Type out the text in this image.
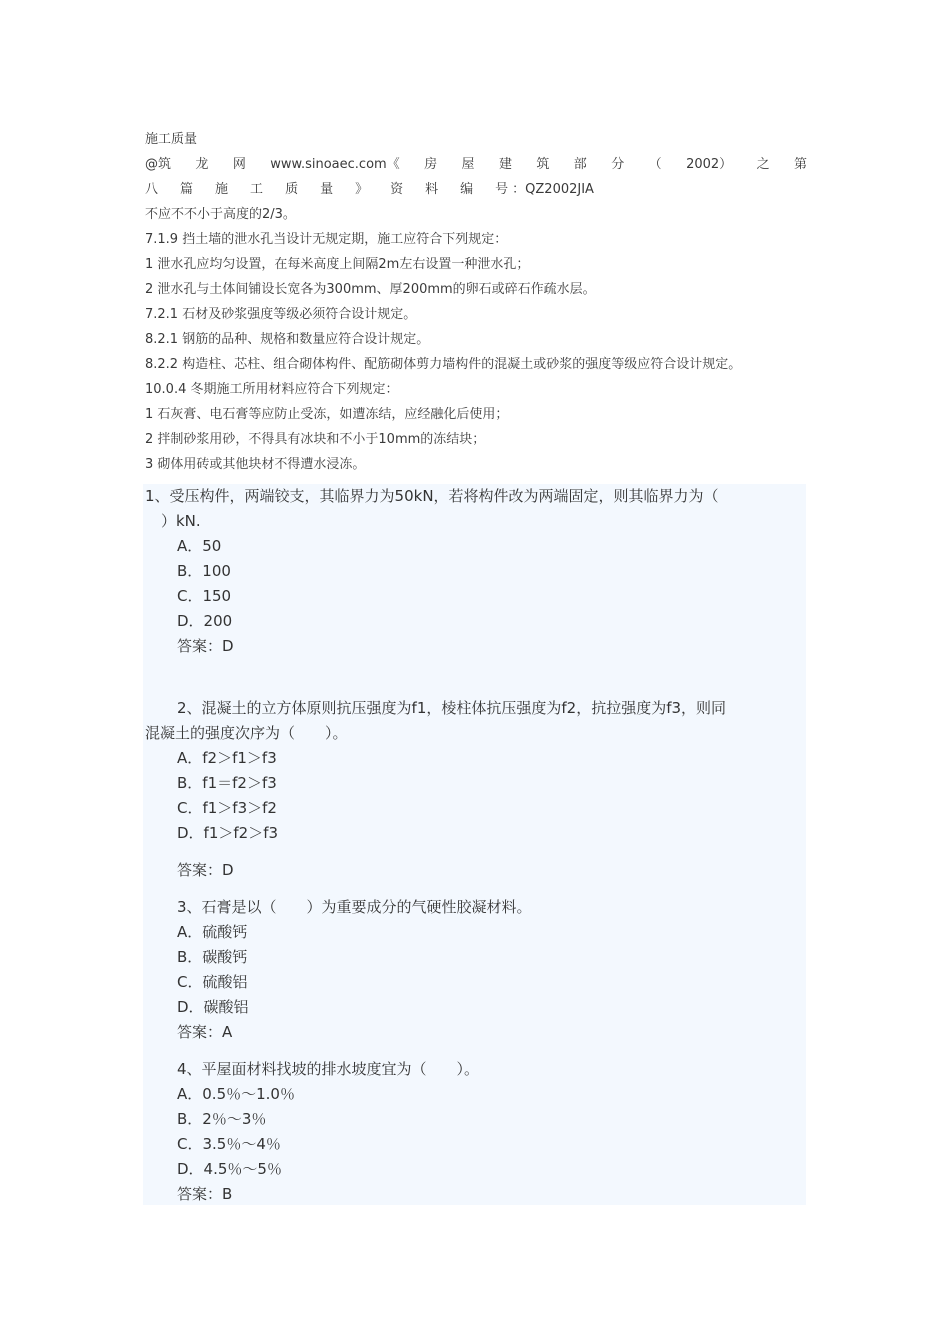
施工质量
@筑 龙 网 www.sinoaec.com《 房 屋 建 筑 部 分 （ 2002） 之 第
八 篇 施 工 质 量 》 资 料 编 号 ：QZ2002JIA
不应不不小于高度的2/3。
7.1.9 挡土墙的泄水孔当设计无规定期，施工应符合下列规定：
1 泄水孔应均匀设置，在每米高度上间隔2m左右设置一种泄水孔；
2 泄水孔与土体间铺设长宽各为300mm、厚200mm的卵石或碎石作疏水层。
7.2.1 石材及砂浆强度等级必须符合设计规定。
8.2.1 钢筋的品种、规格和数量应符合设计规定。
8.2.2 构造柱、芯柱、组合砌体构件、配筋砌体剪力墙构件的混凝土或砂浆的强度等级应符合设计规定。
10.0.4 冬期施工所用材料应符合下列规定：
1 石灰膏、电石膏等应防止受冻，如遭冻结，应经融化后使用；
2 拌制砂浆用砂，不得具有冰块和不小于10mm的冻结块；
3 砌体用砖或其他块材不得遭水浸冻。
1、受压构件，两端铰支，其临界力为50kN，若将构件改为两端固定，则其临界力为（
）kN.
A．50
B．100
C．150
D．200
答案：D
2、混凝土的立方体原则抗压强度为f1，棱柱体抗压强度为f2，抗拉强度为f3，则同
混凝土的强度次序为（　　）。
A．f2＞f1＞f3
B．f1＝f2＞f3
C．f1＞f3＞f2
D．f1＞f2＞f3
答案：D
3、石膏是以（　　）为重要成分的气硬性胶凝材料。
A．硫酸钙
B．碳酸钙
C．硫酸铝
D．碳酸铝
答案：A
4、平屋面材料找坡的排水坡度宜为（　　）。
A．0.5％～1.0％
B．2％～3％
C．3.5％～4％
D．4.5％～5％
答案：B
